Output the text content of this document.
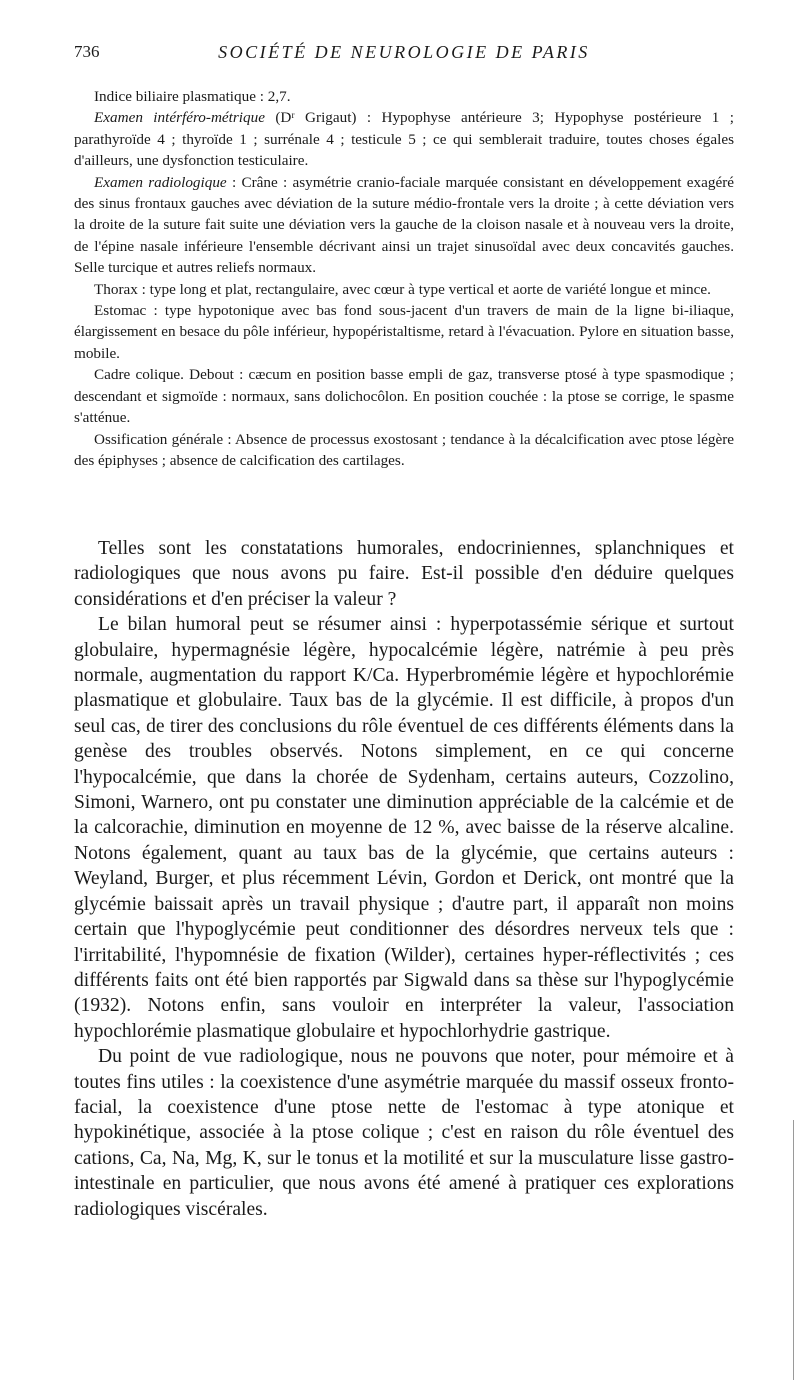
736	SOCIÉTÉ DE NEUROLOGIE DE PARIS

Indice biliaire plasmatique : 2,7.

Examen intérféro-métrique (Dʳ Grigaut) : Hypophyse antérieure 3; Hypophyse postérieure 1 ; parathyroïde 4 ; thyroïde 1 ; surrénale 4 ; testicule 5 ; ce qui semblerait traduire, toutes choses égales d'ailleurs, une dysfonction testiculaire.

Examen radiologique : Crâne : asymétrie cranio-faciale marquée consistant en développement exagéré des sinus frontaux gauches avec déviation de la suture médio-frontale vers la droite ; à cette déviation vers la droite de la suture fait suite une déviation vers la gauche de la cloison nasale et à nouveau vers la droite, de l'épine nasale inférieure l'ensemble décrivant ainsi un trajet sinusoïdal avec deux concavités gauches. Selle turcique et autres reliefs normaux.

Thorax : type long et plat, rectangulaire, avec cœur à type vertical et aorte de variété longue et mince.

Estomac : type hypotonique avec bas fond sous-jacent d'un travers de main de la ligne bi-iliaque, élargissement en besace du pôle inférieur, hypopéristaltisme, retard à l'évacuation. Pylore en situation basse, mobile.

Cadre colique. Debout : cæcum en position basse empli de gaz, transverse ptosé à type spasmodique ; descendant et sigmoïde : normaux, sans dolichocôlon. En position couchée : la ptose se corrige, le spasme s'atténue.

Ossification générale : Absence de processus exostosant ; tendance à la décalcification avec ptose légère des épiphyses ; absence de calcification des cartilages.

Telles sont les constatations humorales, endocriniennes, splanchniques et radiologiques que nous avons pu faire. Est-il possible d'en déduire quelques considérations et d'en préciser la valeur ?

Le bilan humoral peut se résumer ainsi : hyperpotassémie sérique et surtout globulaire, hypermagnésie légère, hypocalcémie légère, natrémie à peu près normale, augmentation du rapport K/Ca. Hyperbromémie légère et hypochlorémie plasmatique et globulaire. Taux bas de la glycémie. Il est difficile, à propos d'un seul cas, de tirer des conclusions du rôle éventuel de ces différents éléments dans la genèse des troubles observés. Notons simplement, en ce qui concerne l'hypocalcémie, que dans la chorée de Sydenham, certains auteurs, Cozzolino, Simoni, Warnero, ont pu constater une diminution appréciable de la calcémie et de la calcorachie, diminution en moyenne de 12 %, avec baisse de la réserve alcaline. Notons également, quant au taux bas de la glycémie, que certains auteurs : Weyland, Burger, et plus récemment Lévin, Gordon et Derick, ont montré que la glycémie baissait après un travail physique ; d'autre part, il apparaît non moins certain que l'hypoglycémie peut conditionner des désordres nerveux tels que : l'irritabilité, l'hypomnésie de fixation (Wilder), certaines hyper-réflectivités ; ces différents faits ont été bien rapportés par Sigwald dans sa thèse sur l'hypoglycémie (1932). Notons enfin, sans vouloir en interpréter la valeur, l'association hypochlorémie plasmatique globulaire et hypochlorhydrie gastrique.

Du point de vue radiologique, nous ne pouvons que noter, pour mémoire et à toutes fins utiles : la coexistence d'une asymétrie marquée du massif osseux fronto-facial, la coexistence d'une ptose nette de l'estomac à type atonique et hypokinétique, associée à la ptose colique ; c'est en raison du rôle éventuel des cations, Ca, Na, Mg, K, sur le tonus et la motilité et sur la musculature lisse gastro-intestinale en particulier, que nous avons été amené à pratiquer ces explorations radiologiques viscérales.
